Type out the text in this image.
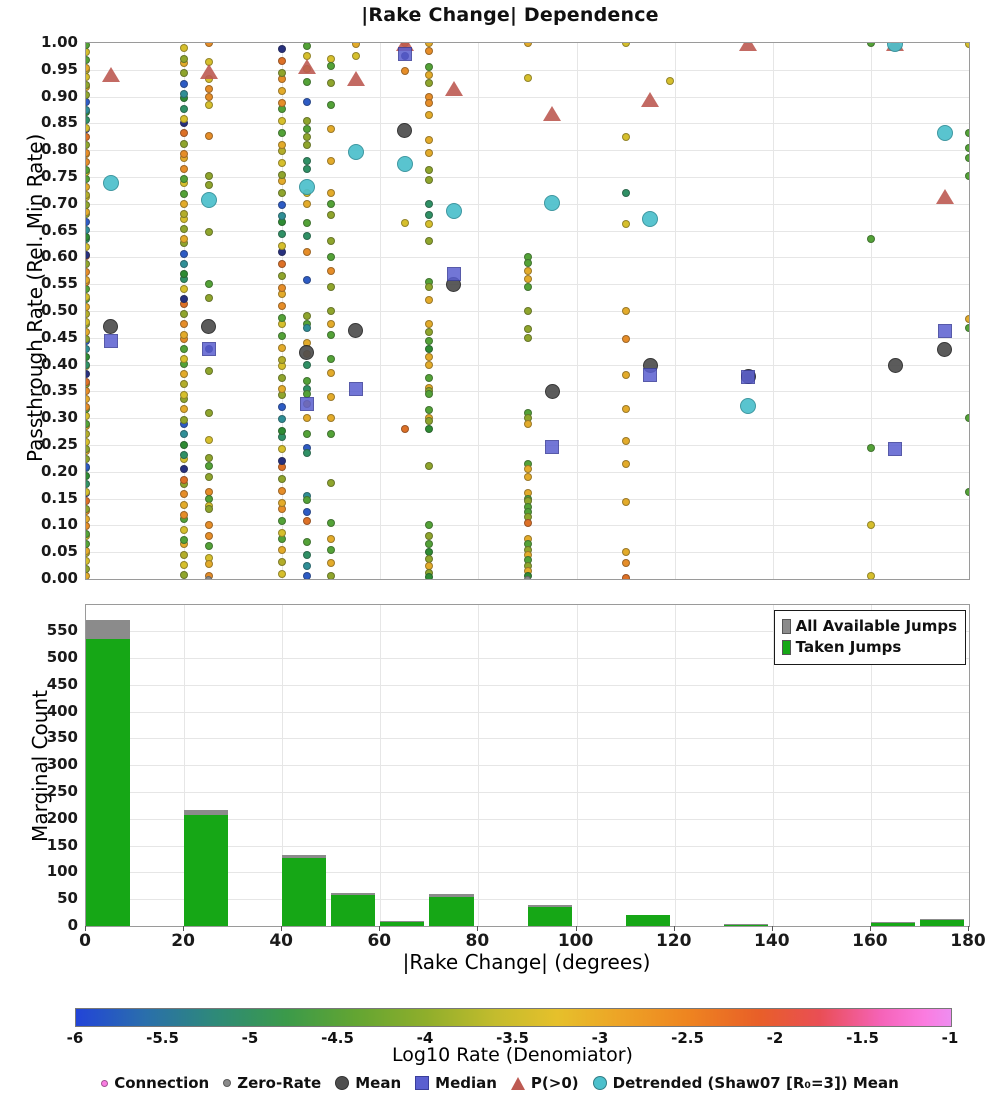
|Rake Change| Dependence
Passthrough Rate (Rel. Min Rate)
0.00
0.05
0.10
0.15
0.20
0.25
0.30
0.35
0.40
0.45
0.50
0.55
0.60
0.65
0.70
0.75
0.80
0.85
0.90
0.95
1.00
Marginal Count
All Available Jumps
Taken Jumps
0
50
100
150
200
250
300
350
400
450
500
550
0	20	40	60	80	100	120	140	160	180
|Rake Change| (degrees)
-6	-5.5	-5	-4.5	-4	-3.5	-3	-2.5	-2	-1.5	-1
Log10 Rate (Denomiator)
Connection Zero-Rate Mean Median P(>0) Detrended (Shaw07 [R₀=3]) Mean
